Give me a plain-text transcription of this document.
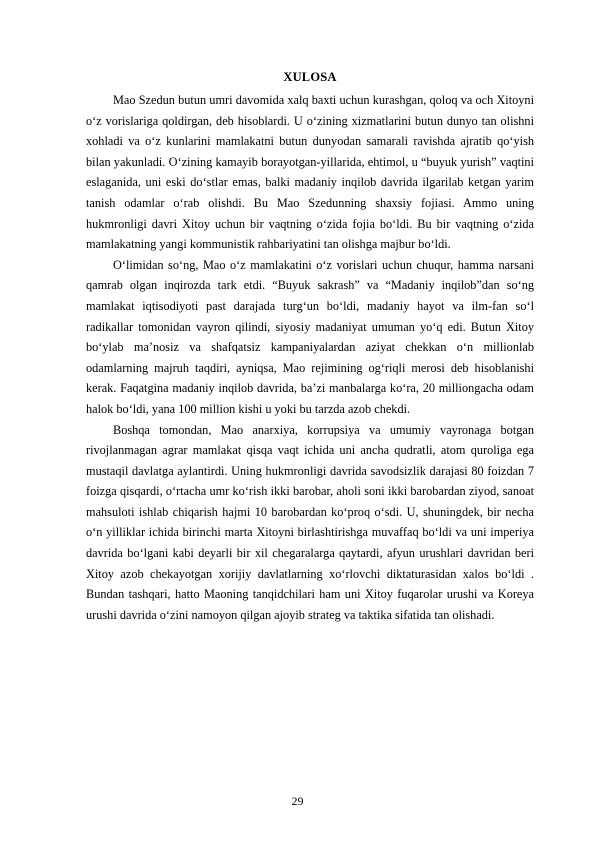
XULOSA

Mao Szedun butun umri davomida xalq baxti uchun kurashgan, qoloq va och Xitoyni o‘z vorislariga qoldirgan, deb hisoblardi. U o‘zining xizmatlarini butun dunyo tan olishni xohladi va o‘z kunlarini mamlakatni butun dunyodan samarali ravishda ajratib qo‘yish bilan yakunladi. O‘zining kamayib borayotgan-yillarida, ehtimol, u “buyuk yurish” vaqtini eslaganida, uni eski do‘stlar emas, balki madaniy inqilob davrida ilgarilab ketgan yarim tanish odamlar o‘rab olishdi. Bu Mao Szedunning shaxsiy fojiasi. Ammo uning hukmronligi davri Xitoy uchun bir vaqtning o‘zida fojia bo‘ldi. Bu bir vaqtning o‘zida mamlakatning yangi kommunistik rahbariyatini tan olishga majbur bo‘ldi.

O‘limidan so‘ng, Mao o‘z mamlakatini o‘z vorislari uchun chuqur, hamma narsani qamrab olgan inqirozda tark etdi. “Buyuk sakrash” va “Madaniy inqilob”dan so‘ng mamlakat iqtisodiyoti past darajada turg‘un bo‘ldi, madaniy hayot va ilm-fan so‘l radikallar tomonidan vayron qilindi, siyosiy madaniyat umuman yo‘q edi. Butun Xitoy bo‘ylab ma’nosiz va shafqatsiz kampaniyalardan aziyat chekkan o‘n millionlab odamlarning majruh taqdiri, ayniqsa, Mao rejimining og‘riqli merosi deb hisoblanishi kerak. Faqatgina madaniy inqilob davrida, ba’zi manbalarga ko‘ra, 20 milliongacha odam halok bo‘ldi, yana 100 million kishi u yoki bu tarzda azob chekdi.

Boshqa tomondan, Mao anarxiya, korrupsiya va umumiy vayronaga botgan rivojlanmagan agrar mamlakat qisqa vaqt ichida uni ancha qudratli, atom quroliga ega mustaqil davlatga aylantirdi. Uning hukmronligi davrida savodsizlik darajasi 80 foizdan 7 foizga qisqardi, o‘rtacha umr ko‘rish ikki barobar, aholi soni ikki barobardan ziyod, sanoat mahsuloti ishlab chiqarish hajmi 10 barobardan ko‘proq o‘sdi. U, shuningdek, bir necha o‘n yilliklar ichida birinchi marta Xitoyni birlashtirishga muvaffaq bo‘ldi va uni imperiya davrida bo‘lgani kabi deyarli bir xil chegaralarga qaytardi, afyun urushlari davridan beri Xitoy azob chekayotgan xorijiy davlatlarning xo‘rlovchi diktaturasidan xalos bo‘ldi . Bundan tashqari, hatto Maoning tanqidchilari ham uni Xitoy fuqarolar urushi va Koreya urushi davrida o‘zini namoyon qilgan ajoyib strateg va taktika sifatida tan olishadi.

29
